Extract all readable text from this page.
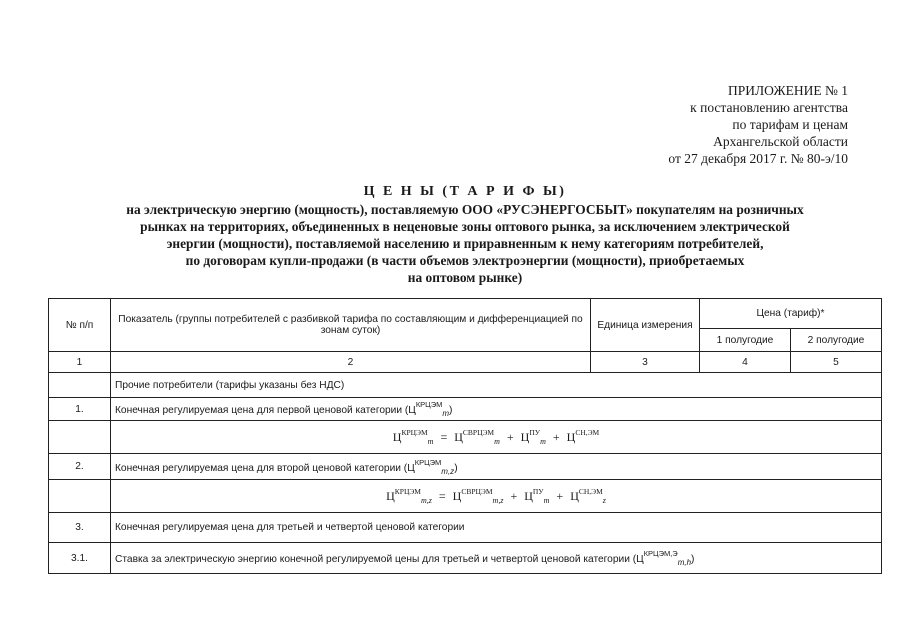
ПРИЛОЖЕНИЕ № 1
к постановлению агентства
по тарифам и ценам
Архангельской области
от 27 декабря 2017 г. № 80-э/10
Ц Е Н Ы (Т А Р И Ф Ы)
на электрическую энергию (мощность), поставляемую ООО «РУСЭНЕРГОСБЫТ» покупателям на розничных
рынках на территориях, объединенных в неценовые зоны оптового рынка, за исключением электрической
энергии (мощности), поставляемой населению и приравненным к нему категориям потребителей,
по договорам купли-продажи (в части объемов электроэнергии (мощности), приобретаемых
на оптовом рынке)
№ п/п	Показатель (группы потребителей с разбивкой тарифа по составляющим и дифференциацией по зонам суток)	Единица измерения	Цена (тариф)*	
			1 полугодие	2 полугодие
1	2	3	4	5
	Прочие потребители (тарифы указаны без НДС)			
1.	Конечная регулируемая цена для первой ценовой категории $(Ц^{КРЦЭМ}_m)$			
	$Ц^{КРЦЭМ}_m = Ц^{СВРЦЭМ}_m + Ц^{ПУ}_m + Ц^{СН,ЭМ}$
2.	Конечная регулируемая цена для второй ценовой категории $(Ц^{КРЦЭМ}_{m,z})$			
	$Ц^{КРЦЭМ}_{m,z} = Ц^{СВРЦЭМ}_{m,z} + Ц^{ПУ}_m + Ц^{СН,ЭМ}_z$
3.	Конечная регулируемая цена для третьей и четвертой ценовой категории			
3.1.	Ставка за электрическую энергию конечной регулируемой цены для третьей и четвертой ценовой категории $(Ц^{КРЦЭМ,Э}_{m,h})$			
